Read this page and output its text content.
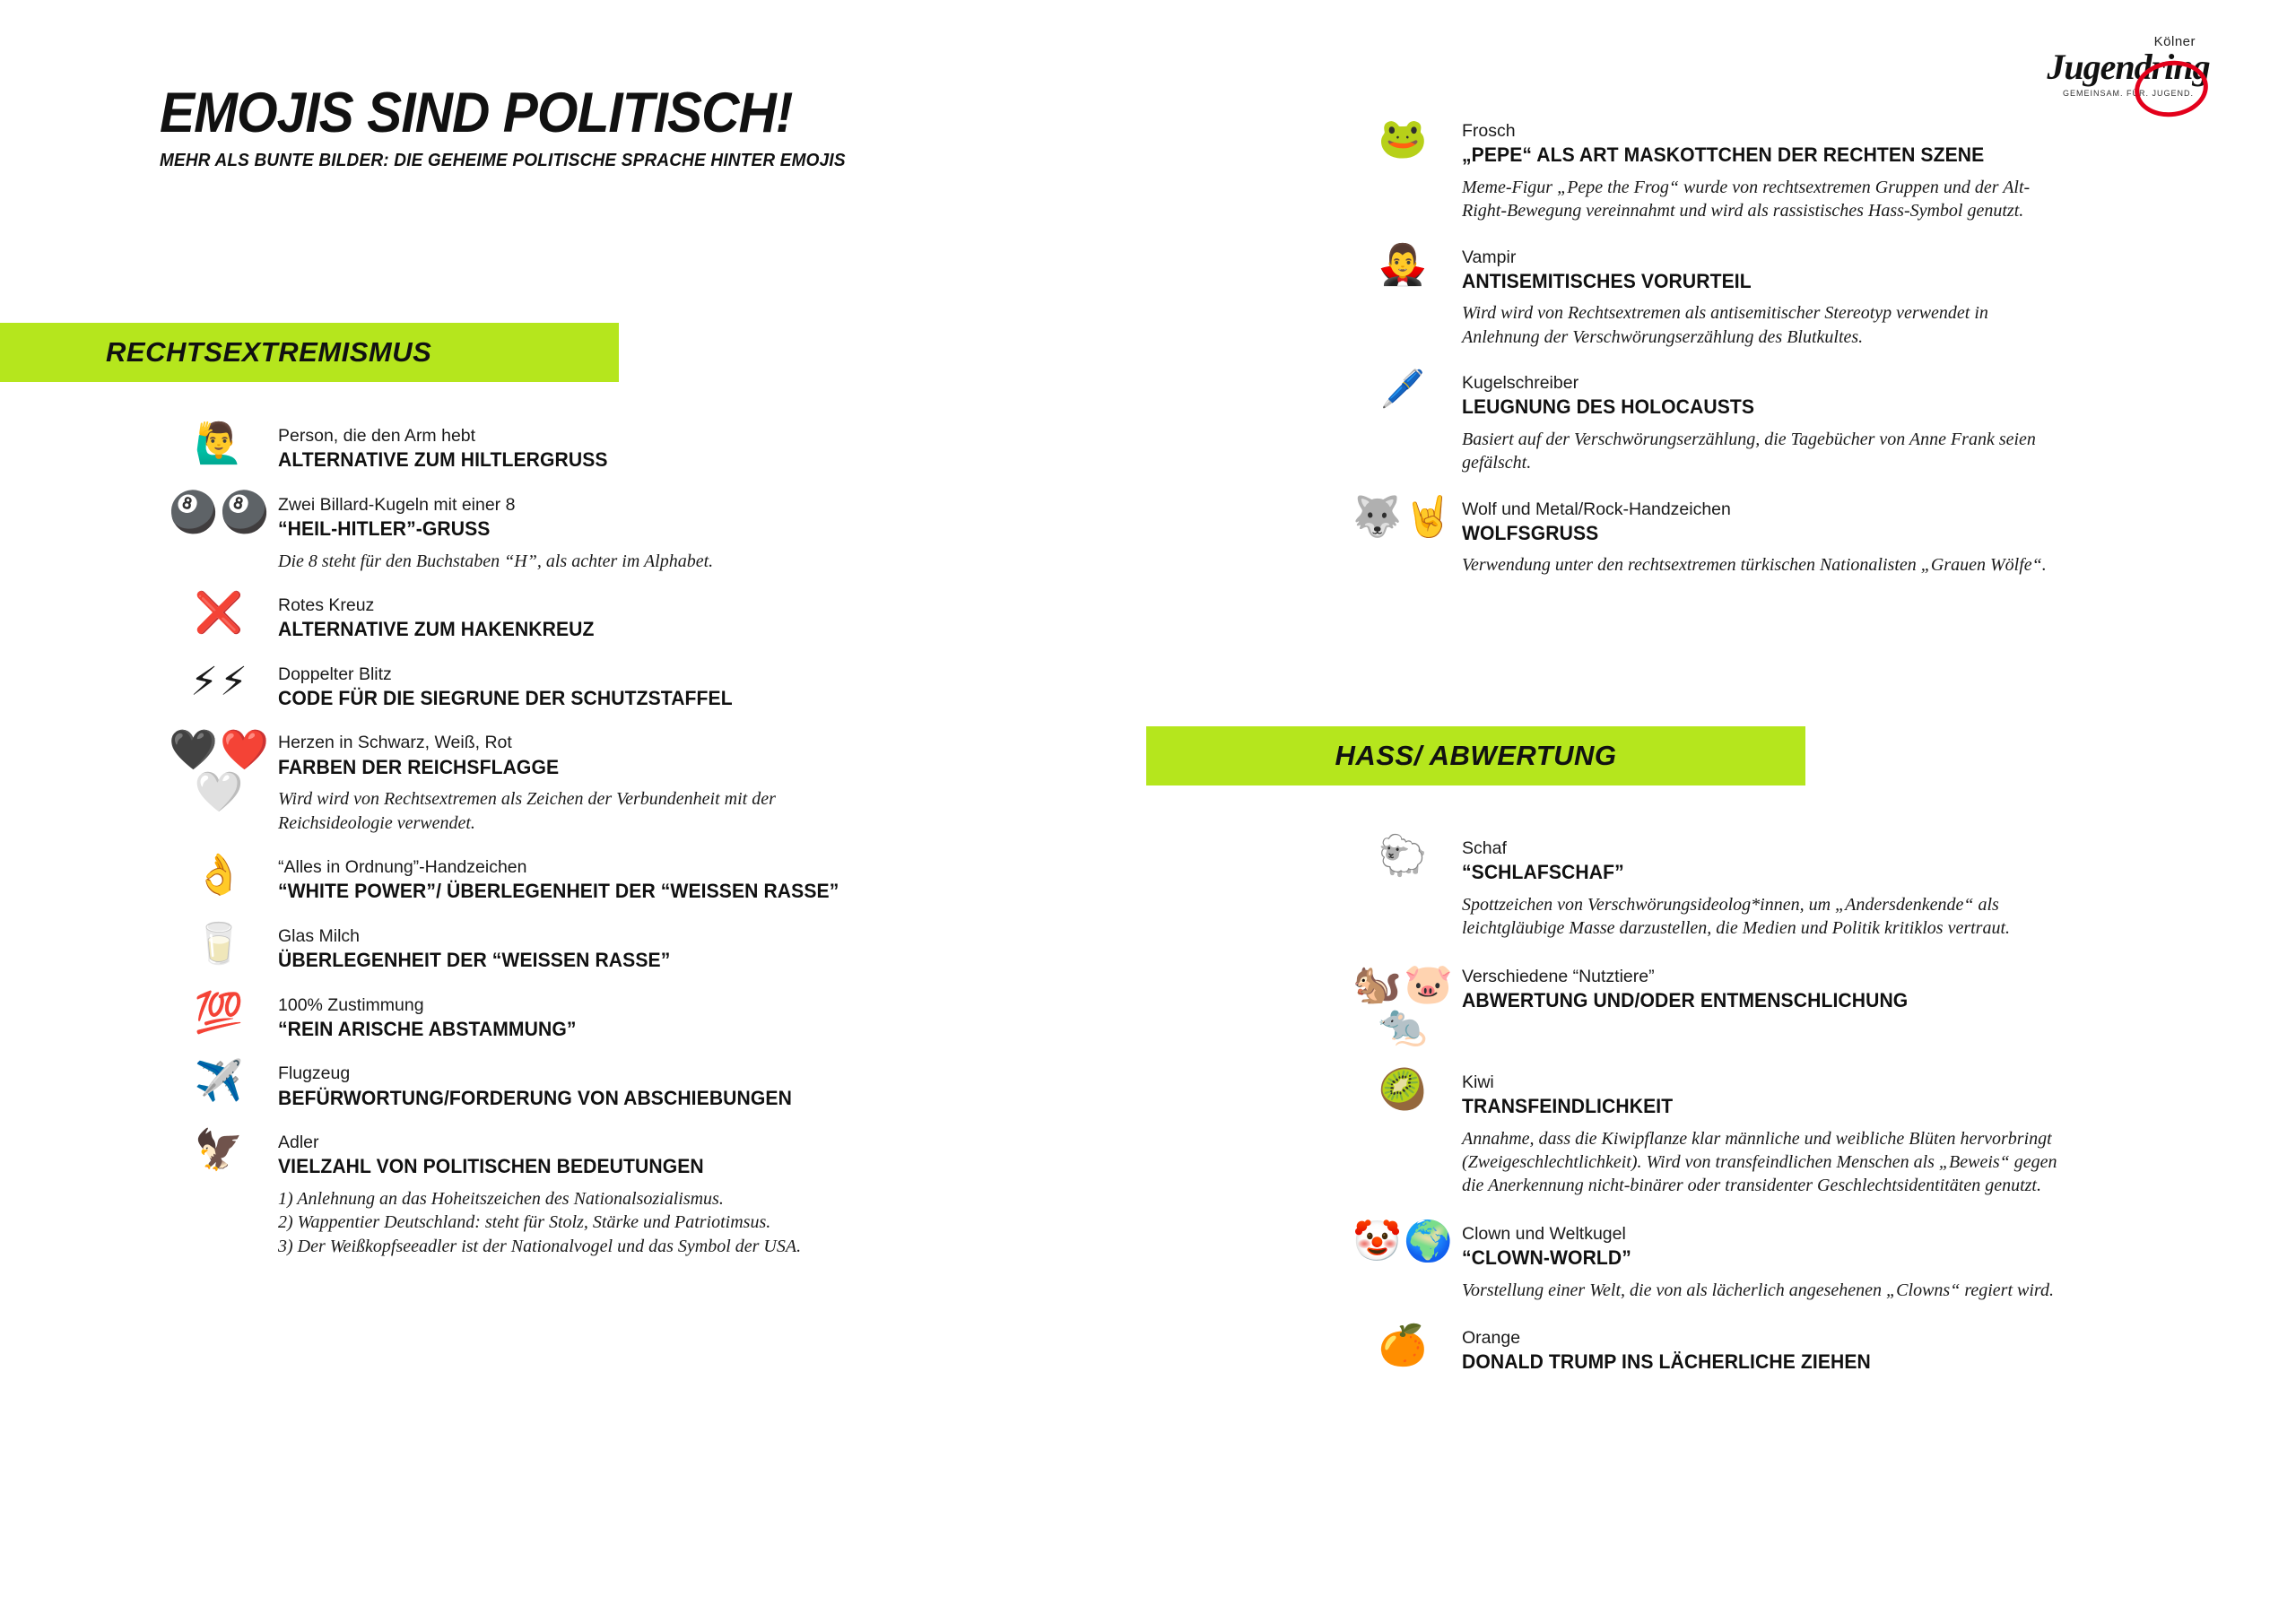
Kölner
Jugendring
GEMEINSAM. FÜR. JUGEND.
EMOJIS SIND POLITISCH!
MEHR ALS BUNTE BILDER: DIE GEHEIME POLITISCHE SPRACHE HINTER EMOJIS
RECHTSEXTREMISMUS
HASS/ ABWERTUNG
🙋‍♂️	Person, die den Arm hebt
ALTERNATIVE ZUM HILTLERGRUSS
🎱🎱 Zwei Billard-Kugeln mit einer 8
“HEIL-HITLER”-GRUSS
Die 8 steht für den Buchstaben “H”, als achter im Alphabet.
❌	Rotes Kreuz
ALTERNATIVE ZUM HAKENKREUZ
⚡⚡	Doppelter Blitz
CODE FÜR DIE SIEGRUNE DER SCHUTZSTAFFEL
🖤❤️🤍
Herzen in Schwarz, Weiß, Rot
FARBEN DER REICHSFLAGGE
Wird wird von Rechtsextremen als Zeichen der Verbundenheit mit der
Reichsideologie verwendet.
👌	“Alles in Ordnung”-Handzeichen
“WHITE POWER”/ ÜBERLEGENHEIT DER “WEISSEN RASSE”
🥛	Glas Milch
ÜBERLEGENHEIT DER “WEISSEN RASSE”
💯	100% Zustimmung
“REIN ARISCHE ABSTAMMUNG”
✈️	Flugzeug
BEFÜRWORTUNG/FORDERUNG VON ABSCHIEBUNGEN
🦅	Adler
VIELZAHL VON POLITISCHEN BEDEUTUNGEN
1) Anlehnung an das Hoheitszeichen des Nationalsozialismus.
2) Wappentier Deutschland: steht für Stolz, Stärke und Patriotimsus.
3) Der Weißkopfseeadler ist der Nationalvogel und das Symbol der USA.
🐸	Frosch
„PEPE“ ALS ART MASKOTTCHEN DER RECHTEN SZENE
Meme-Figur „Pepe the Frog“ wurde von rechtsextremen Gruppen und der Alt-
Right-Bewegung vereinnahmt und wird als rassistisches Hass-Symbol genutzt.
🧛‍♂️	Vampir
ANTISEMITISCHES VORURTEIL
Wird wird von Rechtsextremen als antisemitischer Stereotyp verwendet in
Anlehnung der Verschwörungserzählung des Blutkultes.
🖊️	Kugelschreiber
LEUGNUNG DES HOLOCAUSTS
Basiert auf der Verschwörungserzählung, die Tagebücher von Anne Frank seien
gefälscht.
🐺🤘 Wolf und Metal/Rock-Handzeichen
WOLFSGRUSS
Verwendung unter den rechtsextremen türkischen Nationalisten „Grauen Wölfe“.
🐑	Schaf
“SCHLAFSCHAF”
Spottzeichen von Verschwörungsideolog*innen, um „Andersdenkende“ als
leichtgläubige Masse darzustellen, die Medien und Politik kritiklos vertraut.
🐿️🐷🐀
Verschiedene “Nutztiere”
ABWERTUNG UND/ODER ENTMENSCHLICHUNG
🥝	Kiwi
TRANSFEINDLICHKEIT
Annahme, dass die Kiwipflanze klar männliche und weibliche Blüten hervorbringt
(Zweigeschlechtlichkeit). Wird von transfeindlichen Menschen als „Beweis“ gegen
die Anerkennung nicht-binärer oder transidenter Geschlechtsidentitäten genutzt.
🤡🌍 Clown und Weltkugel
“CLOWN-WORLD”
Vorstellung einer Welt, die von als lächerlich angesehenen „Clowns“ regiert wird.
🍊	Orange
DONALD TRUMP INS LÄCHERLICHE ZIEHEN
